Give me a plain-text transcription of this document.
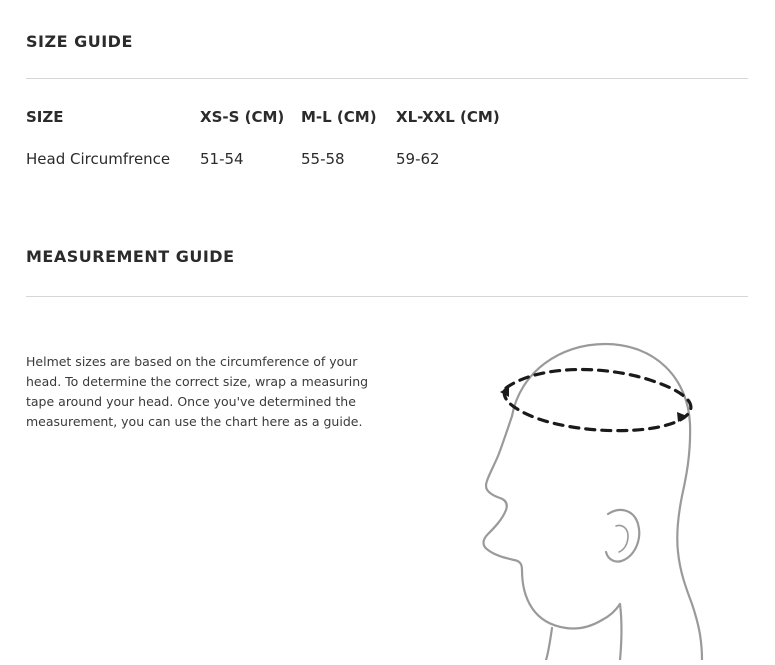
SIZE GUIDE
SIZE	XS-S (CM)	M-L (CM)	XL-XXL (CM)
Head Circumfrence	51-54	55-58	59-62
MEASUREMENT GUIDE

Helmet sizes are based on the circumference of your head. To determine the correct size, wrap a measuring tape around your head. Once you've determined the measurement, you can use the chart here as a guide.
